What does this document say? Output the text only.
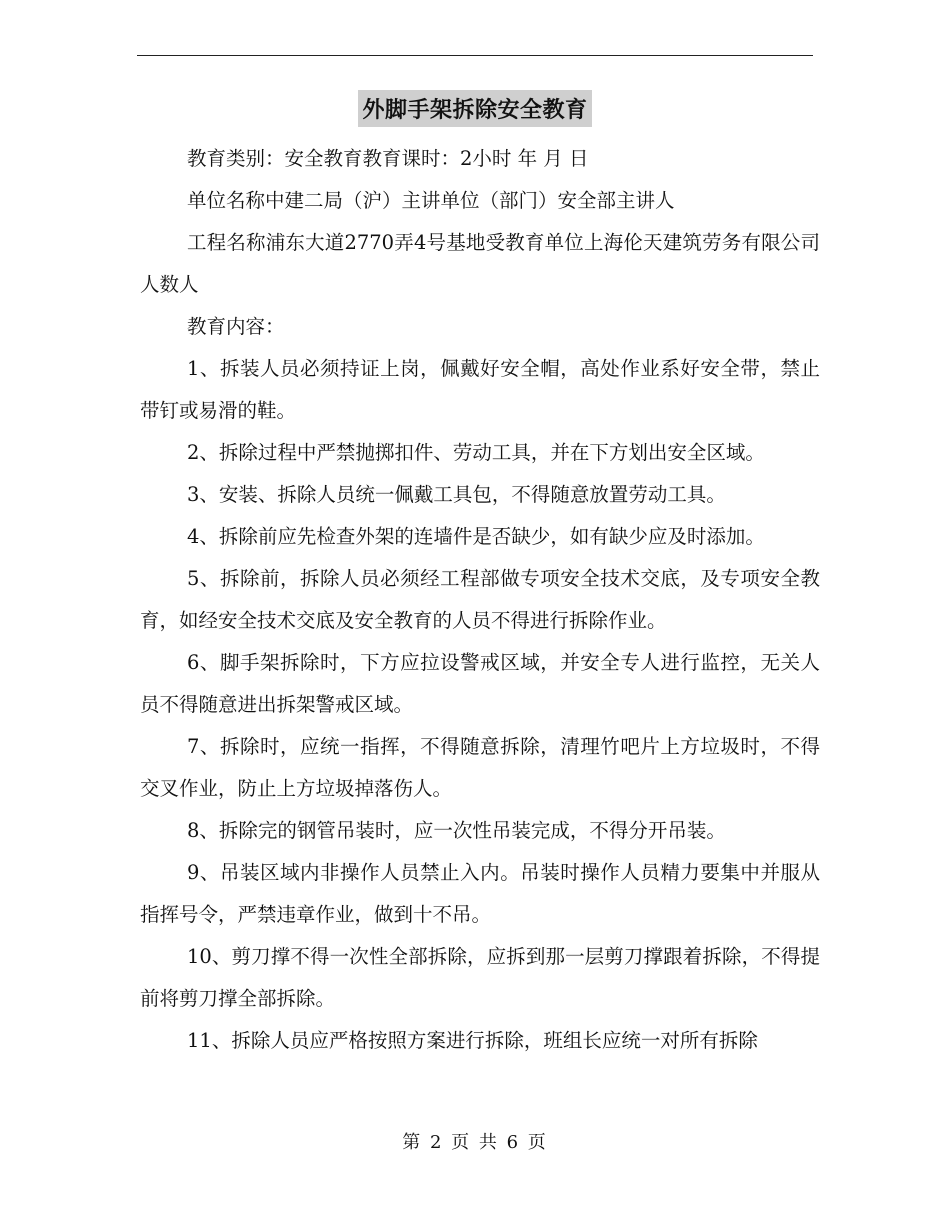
外脚手架拆除安全教育

教育类别：安全教育教育课时：2小时 年 月 日

单位名称中建二局（沪）主讲单位（部门）安全部主讲人

工程名称浦东大道2770弄4号基地受教育单位上海伦天建筑劳务有限公司人数人

教育内容：

1、拆装人员必须持证上岗，佩戴好安全帽，高处作业系好安全带，禁止带钉或易滑的鞋。

2、拆除过程中严禁抛掷扣件、劳动工具，并在下方划出安全区域。

3、安装、拆除人员统一佩戴工具包，不得随意放置劳动工具。

4、拆除前应先检查外架的连墙件是否缺少，如有缺少应及时添加。

5、拆除前，拆除人员必须经工程部做专项安全技术交底，及专项安全教育，如经安全技术交底及安全教育的人员不得进行拆除作业。

6、脚手架拆除时，下方应拉设警戒区域，并安全专人进行监控，无关人员不得随意进出拆架警戒区域。

7、拆除时，应统一指挥，不得随意拆除，清理竹吧片上方垃圾时，不得交叉作业，防止上方垃圾掉落伤人。

8、拆除完的钢管吊装时，应一次性吊装完成，不得分开吊装。

9、吊装区域内非操作人员禁止入内。吊装时操作人员精力要集中并服从指挥号令，严禁违章作业，做到十不吊。

10、剪刀撑不得一次性全部拆除，应拆到那一层剪刀撑跟着拆除，不得提前将剪刀撑全部拆除。

11、拆除人员应严格按照方案进行拆除，班组长应统一对所有拆除

第 2 页 共 6 页
